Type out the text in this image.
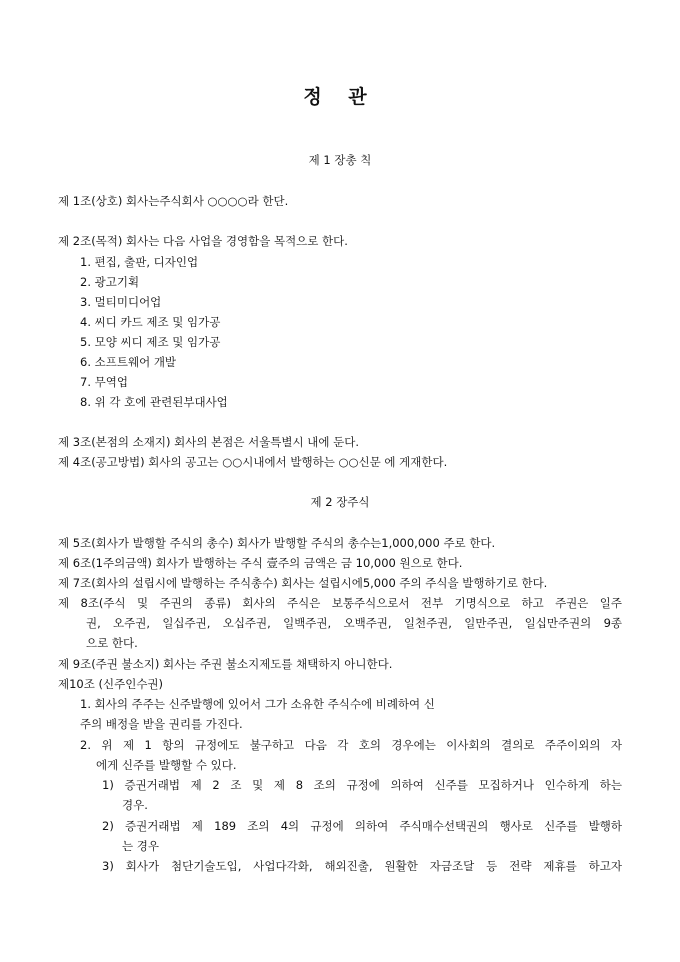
정 관
제 1 장총 칙
제 1조(상호) 회사는주식회사 ○○○○라 한단.
제 2조(목적) 회사는 다음 사업을 경영함을 목적으로 한다.
1. 편집, 출판, 디자인업
2. 광고기획
3. 멀티미디어업
4. 씨디 카드 제조 및 임가공
5. 모양 씨디 제조 및 임가공
6. 소프트웨어 개발
7. 무역업
8. 위 각 호에 관련된부대사업
제 3조(본점의 소재지) 회사의 본점은 서울특별시 내에 둔다.
제 4조(공고방법) 회사의 공고는 ○○시내에서 발행하는 ○○신문 에 게재한다.
제 2 장주식
제 5조(회사가 발행할 주식의 총수) 회사가 발행할 주식의 총수는1,000,000 주로 한다.
제 6조(1주의금액) 회사가 발행하는 주식 壹주의 금액은 금 10,000 원으로 한다.
제 7조(회사의 설립시에 발행하는 주식총수) 회사는 설립시에5,000 주의 주식을 발행하기로 한다.
제 8조(주식 및 주권의 종류) 회사의 주식은 보통주식으로서 전부 기명식으로 하고 주권은 일주
권, 오주권, 일십주권, 오십주권, 일백주권, 오백주권, 일천주권, 일만주권, 일십만주권의 9종
으로 한다.
제 9조(주권 불소지) 회사는 주권 불소지제도를 채택하지 아니한다.
제10조 (신주인수권)
1. 회사의 주주는 신주발행에 있어서 그가 소유한 주식수에 비례하여 신
주의 배정을 받을 권리를 가진다.
2. 위 제 1 항의 규정에도 불구하고 다음 각 호의 경우에는 이사회의 결의로 주주이외의 자
에게 신주를 발행할 수 있다.
1) 증권거래법 제 2 조 및 제 8 조의 규정에 의하여 신주를 모집하거나 인수하게 하는
경우.
2) 증권거래법 제 189 조의 4의 규정에 의하여 주식매수선택권의 행사로 신주를 발행하
는 경우
3) 회사가 첨단기술도입, 사업다각화, 해외진출, 원활한 자금조달 등 전략 제휴를 하고자
